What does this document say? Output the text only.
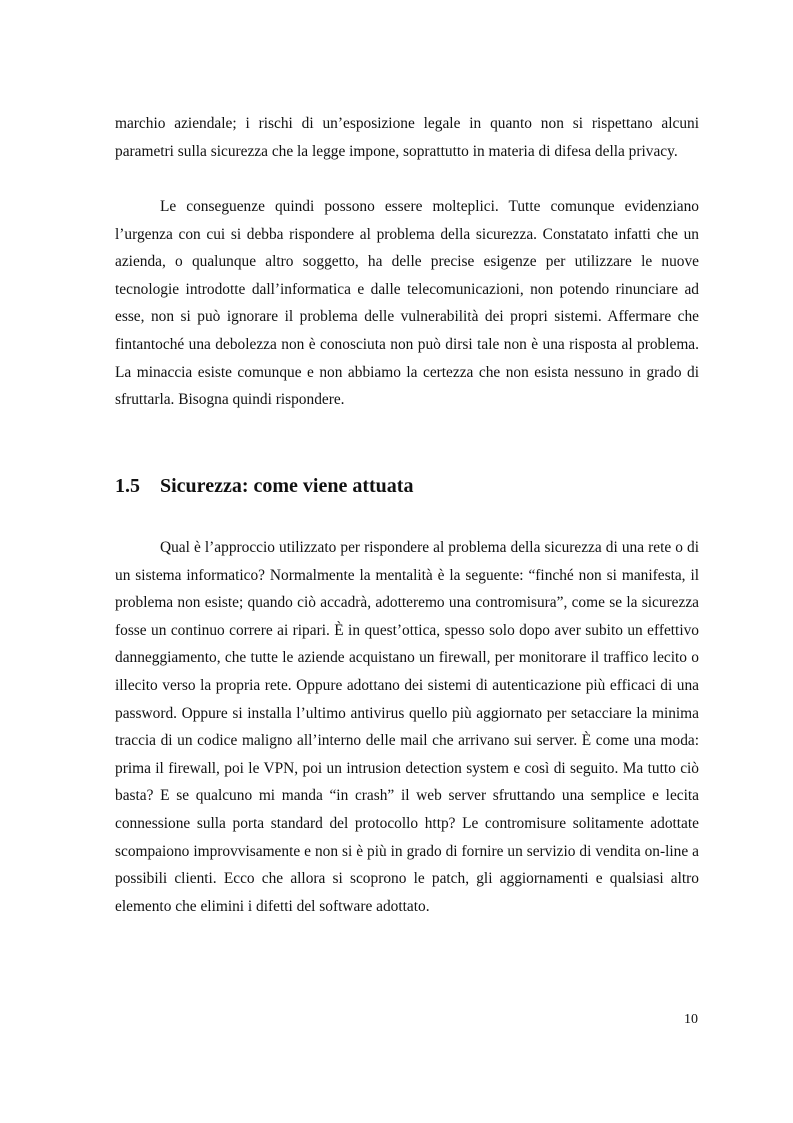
marchio aziendale; i rischi di un’esposizione legale in quanto non si rispettano alcuni parametri sulla sicurezza che la legge impone, soprattutto in materia di difesa della privacy.

Le conseguenze quindi possono essere molteplici. Tutte comunque evidenziano l’urgenza con cui si debba rispondere al problema della sicurezza. Constatato infatti che un azienda, o qualunque altro soggetto, ha delle precise esigenze per utilizzare le nuove tecnologie introdotte dall’informatica e dalle telecomunicazioni, non potendo rinunciare ad esse, non si può ignorare il problema delle vulnerabilità dei propri sistemi. Affermare che fintantoché una debolezza non è conosciuta non può dirsi tale non è una risposta al problema. La minaccia esiste comunque e non abbiamo la certezza che non esista nessuno in grado di sfruttarla. Bisogna quindi rispondere.

1.5 Sicurezza: come viene attuata

Qual è l’approccio utilizzato per rispondere al problema della sicurezza di una rete o di un sistema informatico? Normalmente la mentalità è la seguente: “finché non si manifesta, il problema non esiste; quando ciò accadrà, adotteremo una contromisura”, come se la sicurezza fosse un continuo correre ai ripari. È in quest’ottica, spesso solo dopo aver subito un effettivo danneggiamento, che tutte le aziende acquistano un firewall, per monitorare il traffico lecito o illecito verso la propria rete. Oppure adottano dei sistemi di autenticazione più efficaci di una password. Oppure si installa l’ultimo antivirus quello più aggiornato per setacciare la minima traccia di un codice maligno all’interno delle mail che arrivano sui server. È come una moda: prima il firewall, poi le VPN, poi un intrusion detection system e così di seguito. Ma tutto ciò basta? E se qualcuno mi manda “in crash” il web server sfruttando una semplice e lecita connessione sulla porta standard del protocollo http? Le contromisure solitamente adottate scompaiono improvvisamente e non si è più in grado di fornire un servizio di vendita on-line a possibili clienti. Ecco che allora si scoprono le patch, gli aggiornamenti e qualsiasi altro elemento che elimini i difetti del software adottato.

10
